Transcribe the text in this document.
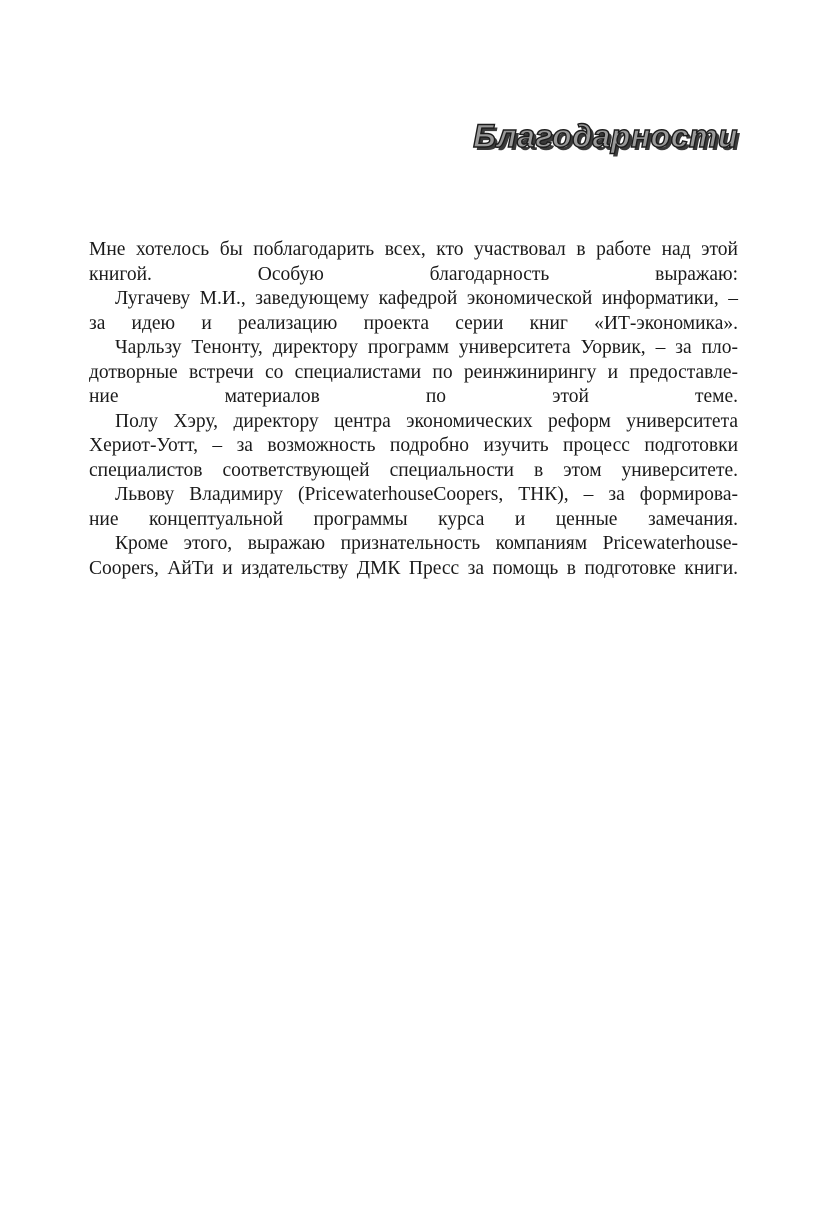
Благодарности

Мне хотелось бы поблагодарить всех, кто участвовал в работе над этой
книгой. Особую благодарность выражаю:

Лугачеву М.И., заведующему кафедрой экономической информатики, –
за идею и реализацию проекта серии книг «ИТ-экономика».

Чарльзу Тенонту, директору программ университета Уорвик, – за пло-
дотворные встречи со специалистами по реинжинирингу и предоставле-
ние материалов по этой теме.

Полу Хэру, директору центра экономических реформ университета
Хериот-Уотт, – за возможность подробно изучить процесс подготовки
специалистов соответствующей специальности в этом университете.

Львову Владимиру (PricewaterhouseCoopers, ТНК), – за формирова-
ние концептуальной программы курса и ценные замечания.

Кроме этого, выражаю признательность компаниям Pricewaterhouse-
Coopers, АйТи и издательству ДМК Пресс за помощь в подготовке книги.
